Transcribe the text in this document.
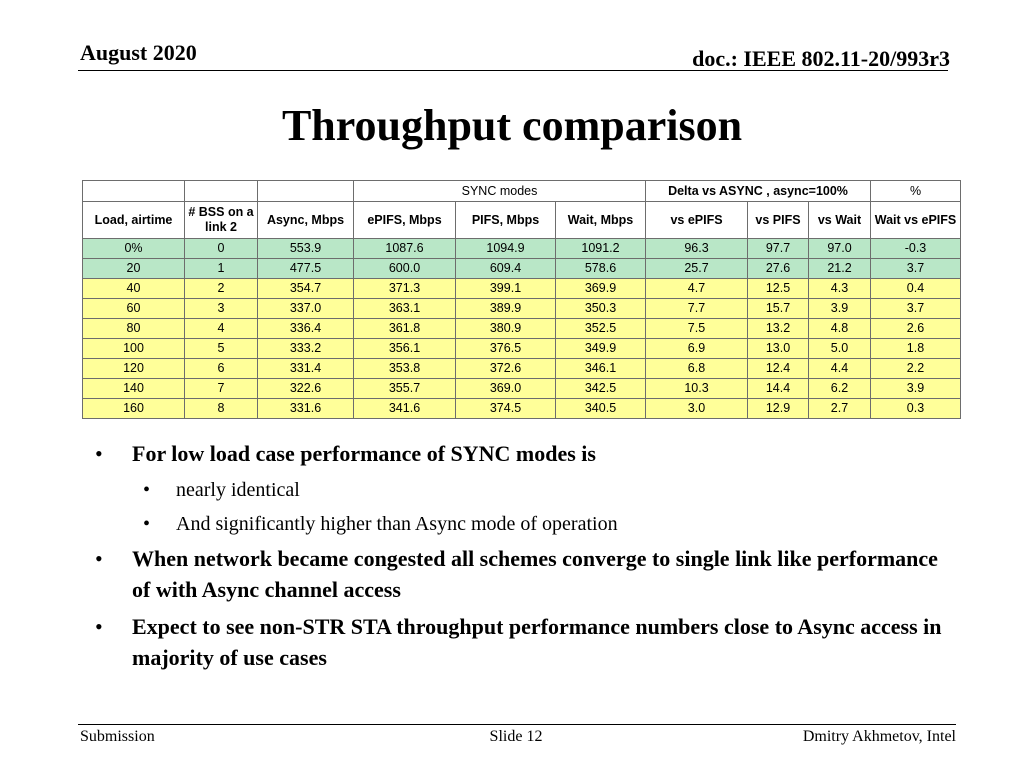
August 2020	doc.: IEEE 802.11-20/993r3
Throughput comparison
			SYNC modes			Delta vs ASYNC , async=100%			%
Load, airtime	# BSS on a link 2	Async, Mbps	ePIFS, Mbps	PIFS, Mbps	Wait, Mbps	vs ePIFS	vs PIFS	vs Wait	Wait vs ePIFS
0%	0	553.9	1087.6	1094.9	1091.2	96.3	97.7	97.0	-0.3
20	1	477.5	600.0	609.4	578.6	25.7	27.6	21.2	3.7
40	2	354.7	371.3	399.1	369.9	4.7	12.5	4.3	0.4
60	3	337.0	363.1	389.9	350.3	7.7	15.7	3.9	3.7
80	4	336.4	361.8	380.9	352.5	7.5	13.2	4.8	2.6
100	5	333.2	356.1	376.5	349.9	6.9	13.0	5.0	1.8
120	6	331.4	353.8	372.6	346.1	6.8	12.4	4.4	2.2
140	7	322.6	355.7	369.0	342.5	10.3	14.4	6.2	3.9
160	8	331.6	341.6	374.5	340.5	3.0	12.9	2.7	0.3
• For low load case performance of SYNC modes is
• nearly identical
• And significantly higher than Async mode of operation
• When network became congested all schemes converge to single link like performance of with Async channel access
• Expect to see non-STR STA throughput performance numbers close to Async access in majority of use cases
Submission	Slide 12	Dmitry Akhmetov, Intel
